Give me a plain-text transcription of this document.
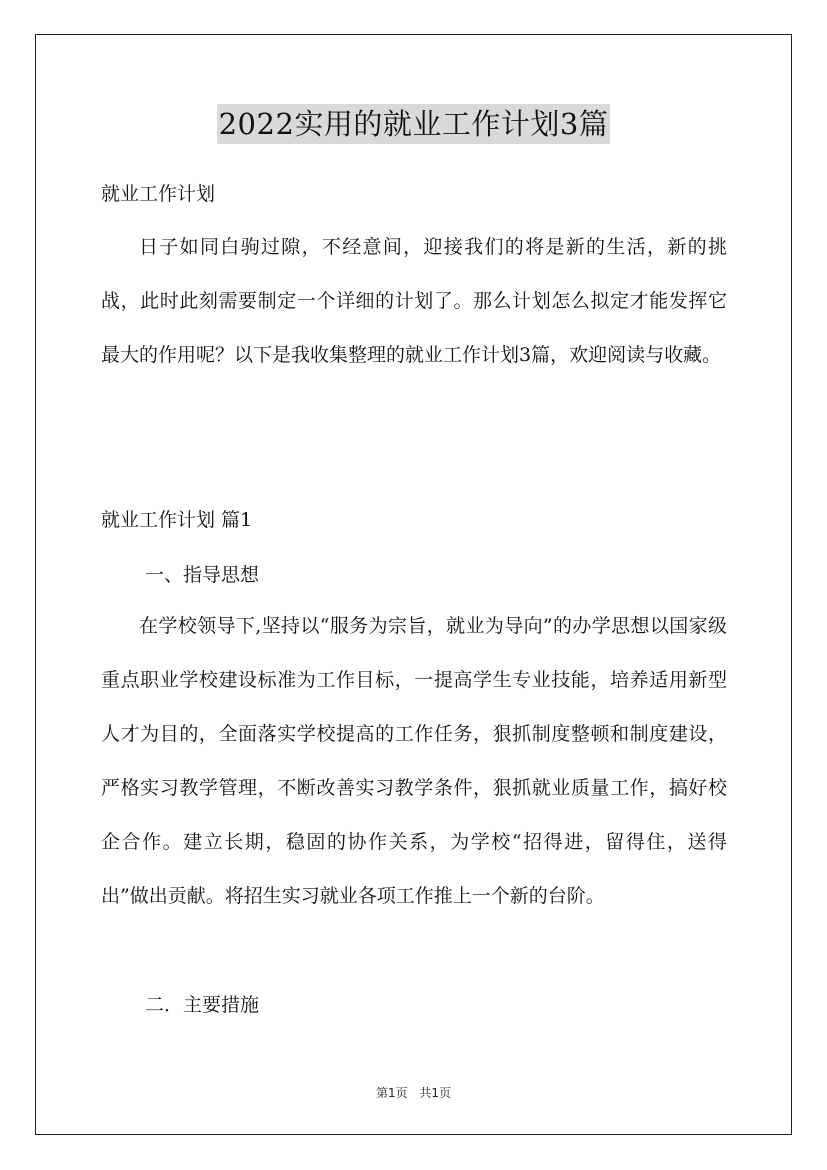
2022实用的就业工作计划3篇
就业工作计划
日子如同白驹过隙，不经意间，迎接我们的将是新的生活，新的挑战，此时此刻需要制定一个详细的计划了。那么计划怎么拟定才能发挥它最大的作用呢？以下是我收集整理的就业工作计划3篇，欢迎阅读与收藏。
就业工作计划 篇1
一、指导思想
在学校领导下,坚持以“服务为宗旨，就业为导向”的办学思想以国家级重点职业学校建设标准为工作目标，一提高学生专业技能，培养适用新型人才为目的，全面落实学校提高的工作任务，狠抓制度整顿和制度建设，严格实习教学管理，不断改善实习教学条件，狠抓就业质量工作，搞好校企合作。建立长期，稳固的协作关系，为学校“招得进，留得住，送得出”做出贡献。将招生实习就业各项工作推上一个新的台阶。
二．主要措施
第1页 共1页
